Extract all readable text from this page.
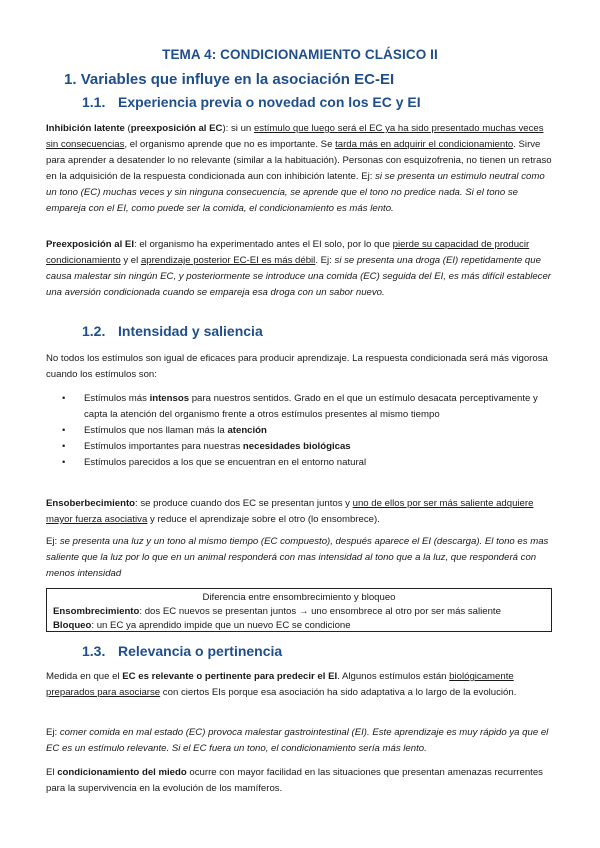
TEMA 4: CONDICIONAMIENTO CLÁSICO II
1. Variables que influye en la asociación EC-EI
1.1. Experiencia previa o novedad con los EC y EI

Inhibición latente (preexposición al EC): si un estímulo que luego será el EC ya ha sido presentado muchas veces sin consecuencias, el organismo aprende que no es importante. Se tarda más en adquirir el condicionamiento. Sirve para aprender a desatender lo no relevante (similar a la habituación). Personas con esquizofrenia, no tienen un retraso en la adquisición de la respuesta condicionada aun con inhibición latente. Ej: si se presenta un estimulo neutral como un tono (EC) muchas veces y sin ninguna consecuencia, se aprende que el tono no predice nada. Si el tono se empareja con el EI, como puede ser la comida, el condicionamiento es más lento.

Preexposición al EI: el organismo ha experimentado antes el EI solo, por lo que pierde su capacidad de producir condicionamiento y el aprendizaje posterior EC-EI es más débil. Ej: si se presenta una droga (EI) repetidamente que causa malestar sin ningún EC, y posteriormente se introduce una comida (EC) seguida del EI, es más difícil establecer una aversión condicionada cuando se empareja esa droga con un sabor nuevo.

1.2. Intensidad y saliencia

No todos los estímulos son igual de eficaces para producir aprendizaje. La respuesta condicionada será más vigorosa cuando los estímulos son:

• Estímulos más intensos para nuestros sentidos. Grado en el que un estímulo desacata perceptivamente y capta la atención del organismo frente a otros estímulos presentes al mismo tiempo
• Estímulos que nos llaman más la atención
• Estímulos importantes para nuestras necesidades biológicas
• Estímulos parecidos a los que se encuentran en el entorno natural

Ensoberbecimiento: se produce cuando dos EC se presentan juntos y uno de ellos por ser más saliente adquiere mayor fuerza asociativa y reduce el aprendizaje sobre el otro (lo ensombrece).

Ej: se presenta una luz y un tono al mismo tiempo (EC compuesto), después aparece el EI (descarga). El tono es mas saliente que la luz por lo que en un animal responderá con mas intensidad al tono que a la luz, que responderá con menos intensidad

Diferencia entre ensombrecimiento y bloqueo
Ensombrecimiento: dos EC nuevos se presentan juntos → uno ensombrece al otro por ser más saliente
Bloqueo: un EC ya aprendido impide que un nuevo EC se condicione
1.3. Relevancia o pertinencia

Medida en que el EC es relevante o pertinente para predecir el EI. Algunos estímulos están biológicamente preparados para asociarse con ciertos EIs porque esa asociación ha sido adaptativa a lo largo de la evolución.

Ej: comer comida en mal estado (EC) provoca malestar gastrointestinal (EI). Este aprendizaje es muy rápido ya que el EC es un estímulo relevante. Si el EC fuera un tono, el condicionamiento sería más lento.

El condicionamiento del miedo ocurre con mayor facilidad en las situaciones que presentan amenazas recurrentes para la supervivencia en la evolución de los mamíferos.
